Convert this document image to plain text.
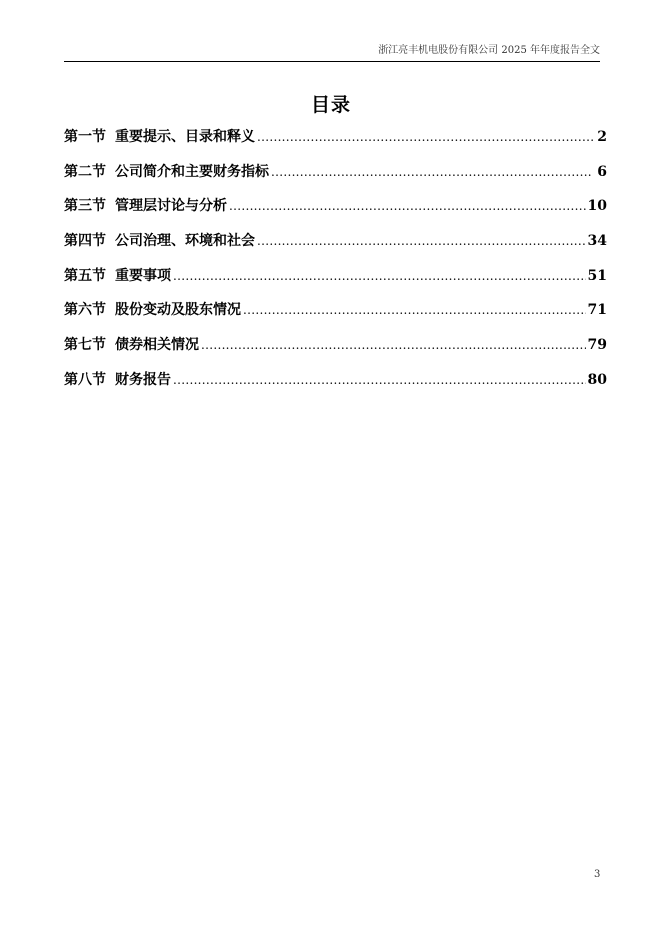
浙江亮丰机电股份有限公司 2025 年年度报告全文
目录
第一节 重要提示、目录和释义 .....	2
第二节 公司简介和主要财务指标 .....	6
第三节 管理层讨论与分析 .....	10
第四节 公司治理、环境和社会 .....	34
第五节 重要事项 .....	51
第六节 股份变动及股东情况 .....	71
第七节 债券相关情况 .....	79
第八节 财务报告 .....	80
3
